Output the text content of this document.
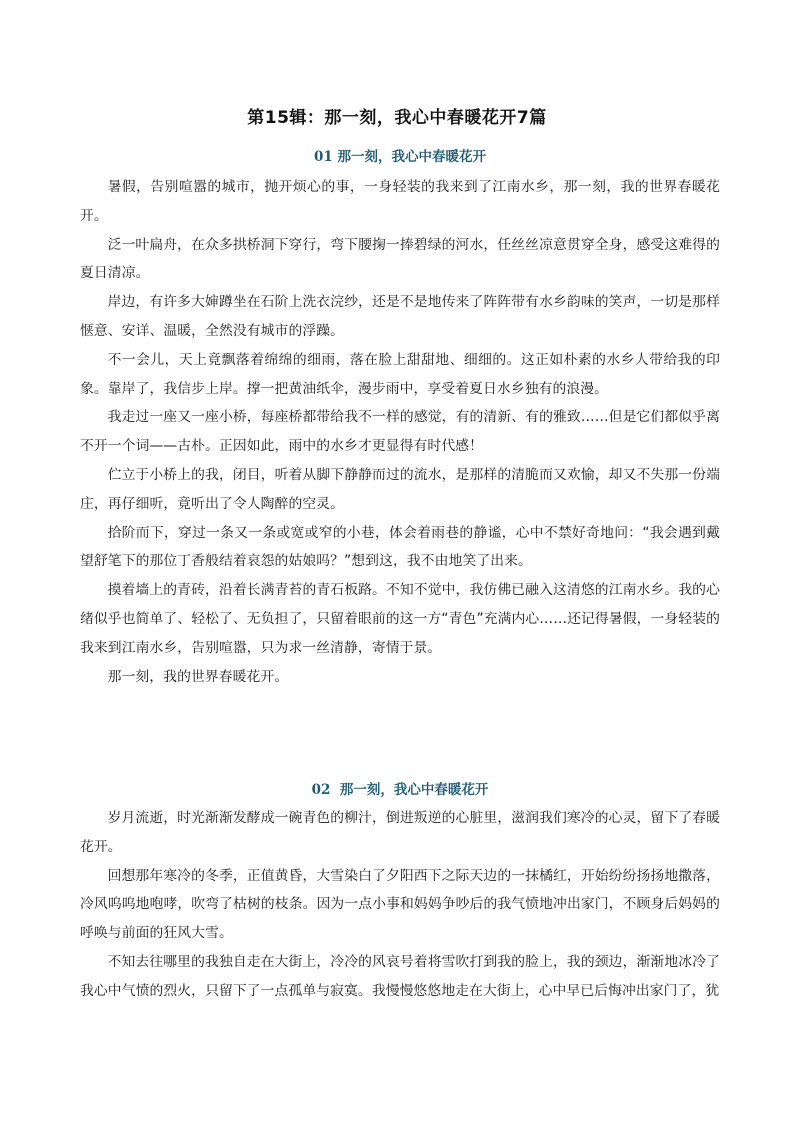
第15辑：那一刻，我心中春暖花开7篇
01 那一刻，我心中春暖花开

暑假，告别喧嚣的城市，抛开烦心的事，一身轻装的我来到了江南水乡，那一刻，我的世界春暖花开。

泛一叶扁舟，在众多拱桥洞下穿行，弯下腰掬一捧碧绿的河水，任丝丝凉意贯穿全身，感受这难得的夏日清凉。

岸边，有许多大婶蹲坐在石阶上洗衣浣纱，还是不是地传来了阵阵带有水乡韵味的笑声，一切是那样惬意、安详、温暖，全然没有城市的浮躁。

不一会儿，天上竟飘落着绵绵的细雨，落在脸上甜甜地、细细的。这正如朴素的水乡人带给我的印象。靠岸了，我信步上岸。撑一把黄油纸伞，漫步雨中，享受着夏日水乡独有的浪漫。

我走过一座又一座小桥，每座桥都带给我不一样的感觉，有的清新、有的雅致……但是它们都似乎离不开一个词——古朴。正因如此，雨中的水乡才更显得有时代感！

伫立于小桥上的我，闭目，听着从脚下静静而过的流水，是那样的清脆而又欢愉，却又不失那一份端庄，再仔细听，竟听出了令人陶醉的空灵。

拾阶而下，穿过一条又一条或宽或窄的小巷，体会着雨巷的静谧，心中不禁好奇地问：“我会遇到戴望舒笔下的那位丁香般结着哀怨的姑娘吗？”想到这，我不由地笑了出来。

摸着墙上的青砖，沿着长满青苔的青石板路。不知不觉中，我仿佛已融入这清悠的江南水乡。我的心绪似乎也简单了、轻松了、无负担了，只留着眼前的这一方“青色”充满内心……还记得暑假，一身轻装的我来到江南水乡，告别喧嚣，只为求一丝清静，寄情于景。

那一刻，我的世界春暖花开。

02 那一刻，我心中春暖花开

岁月流逝，时光渐渐发酵成一碗青色的柳汁，倒进叛逆的心脏里，滋润我们寒冷的心灵，留下了春暖花开。

回想那年寒冷的冬季，正值黄昏，大雪染白了夕阳西下之际天边的一抹橘红，开始纷纷扬扬地撒落，冷风呜呜地咆哮，吹弯了枯树的枝条。因为一点小事和妈妈争吵后的我气愤地冲出家门，不顾身后妈妈的呼唤与前面的狂风大雪。

不知去往哪里的我独自走在大街上，冷冷的风哀号着将雪吹打到我的脸上，我的颈边，渐渐地冰冷了我心中气愤的烈火，只留下了一点孤单与寂寞。我慢慢悠悠地走在大街上，心中早已后悔冲出家门了，犹
